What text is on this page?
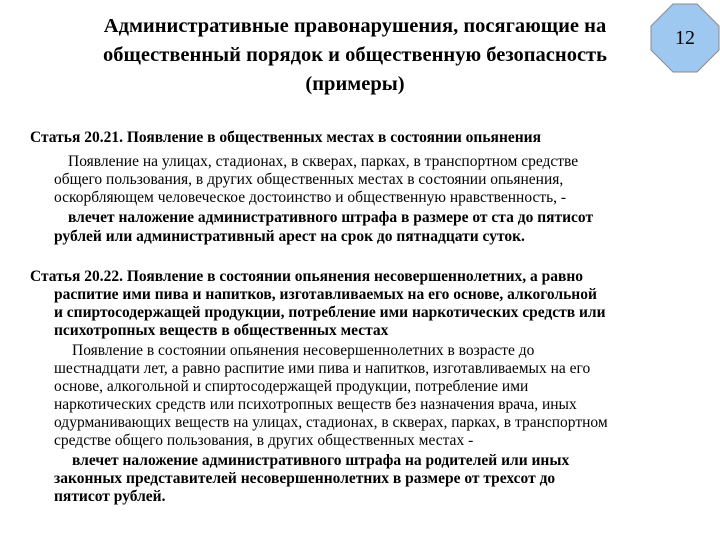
Административные правонарушения, посягающие на
общественный порядок и общественную безопасность
(примеры)
12
Статья 20.21. Появление в общественных местах в состоянии опьянения
Появление на улицах, стадионах, в скверах, парках, в транспортном средстве
общего пользования, в других общественных местах в состоянии опьянения,
оскорбляющем человеческое достоинство и общественную нравственность, -
влечет наложение административного штрафа в размере от ста до пятисот
рублей или административный арест на срок до пятнадцати суток.
Статья 20.22. Появление в состоянии опьянения несовершеннолетних, а равно
распитие ими пива и напитков, изготавливаемых на его основе, алкогольной
и спиртосодержащей продукции, потребление ими наркотических средств или
психотропных веществ в общественных местах
Появление в состоянии опьянения несовершеннолетних в возрасте до
шестнадцати лет, а равно распитие ими пива и напитков, изготавливаемых на его
основе, алкогольной и спиртосодержащей продукции, потребление ими
наркотических средств или психотропных веществ без назначения врача, иных
одурманивающих веществ на улицах, стадионах, в скверах, парках, в транспортном
средстве общего пользования, в других общественных местах -
влечет наложение административного штрафа на родителей или иных
законных представителей несовершеннолетних в размере от трехсот до
пятисот рублей.
